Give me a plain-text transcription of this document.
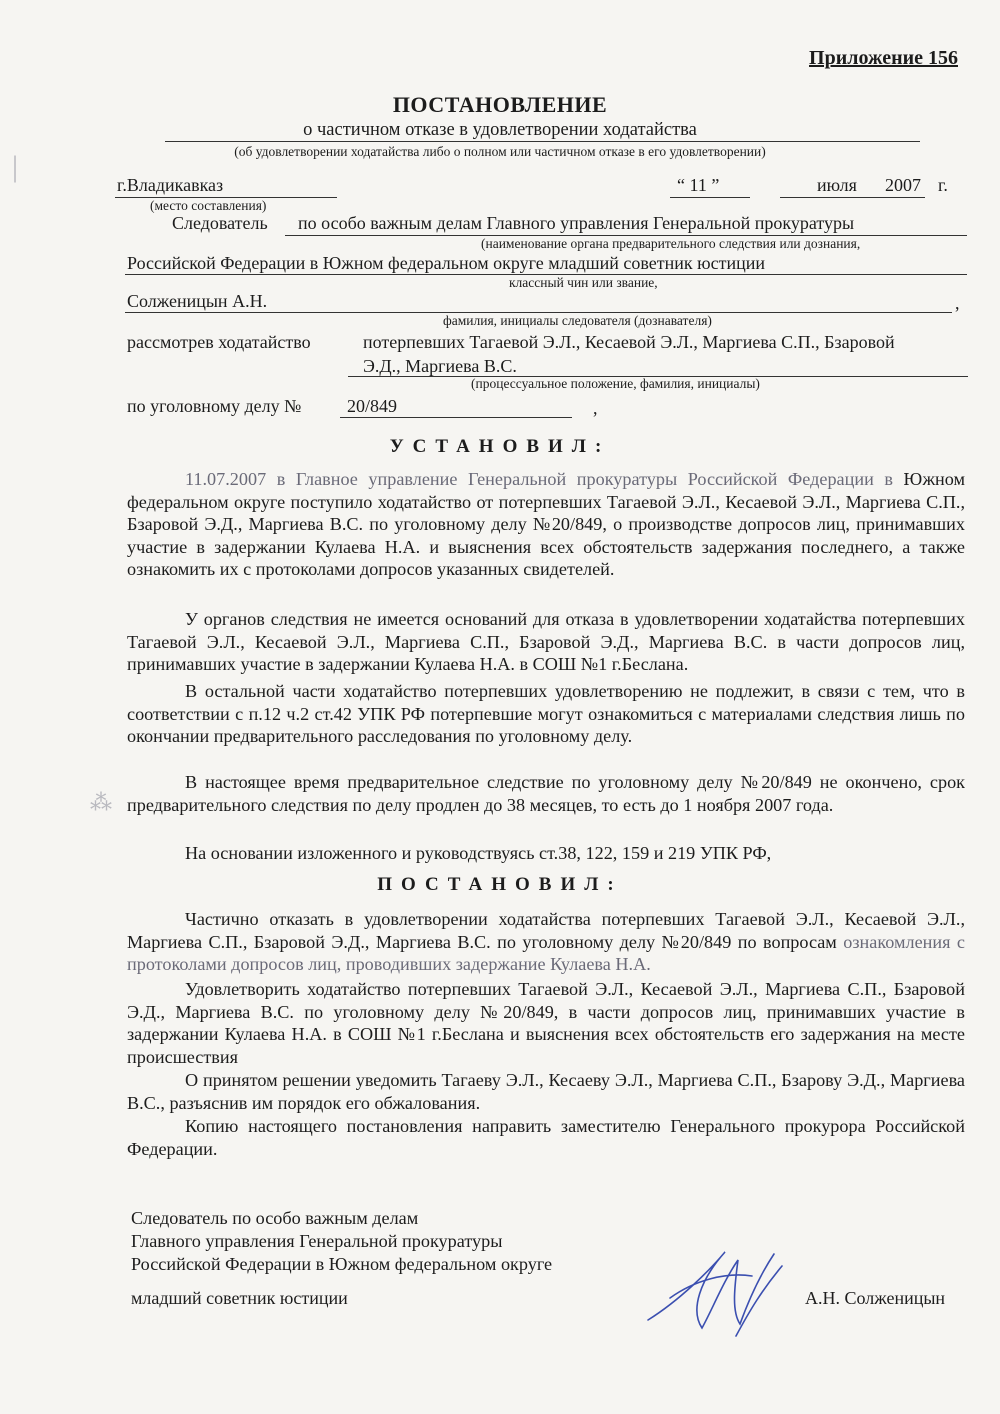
Приложение 156
ПОСТАНОВЛЕНИЕ
о частичном отказе в удовлетворении ходатайства
(об удовлетворении ходатайства либо о полном или частичном отказе в его удовлетворении)
г.Владикавказ
(место составления)
“ 11 ”	июля 2007 г.
Следователь по особо важным делам Главного управления Генеральной прокуратуры
(наименование органа предварительного следствия или дознания,
Российской Федерации в Южном федеральном округе младший советник юстиции
классный чин или звание,
Солженицын А.Н.	,
фамилия, инициалы следователя (дознавателя)
рассмотрев ходатайство	потерпевших Тагаевой Э.Л., Кесаевой Э.Л., Маргиева С.П., Бзаровой
Э.Д., Маргиева В.С.
(процессуальное положение, фамилия, инициалы)
по уголовному делу №	20/849	,
УСТАНОВИЛ:
11.07.2007 в Главное управление Генеральной прокуратуры Российской Федерации в Южном федеральном округе поступило ходатайство от потерпевших Тагаевой Э.Л., Кесаевой Э.Л., Маргиева С.П., Бзаровой Э.Д., Маргиева В.С. по уголовному делу №20/849, о производстве допросов лиц, принимавших участие в задержании Кулаева Н.А. и выяснения всех обстоятельств задержания последнего, а также ознакомить их с протоколами допросов указанных свидетелей.
У органов следствия не имеется оснований для отказа в удовлетворении ходатайства потерпевших Тагаевой Э.Л., Кесаевой Э.Л., Маргиева С.П., Бзаровой Э.Д., Маргиева В.С. в части допросов лиц, принимавших участие в задержании Кулаева Н.А. в СОШ №1 г.Беслана.
В остальной части ходатайство потерпевших удовлетворению не подлежит, в связи с тем, что в соответствии с п.12 ч.2 ст.42 УПК РФ потерпевшие могут ознакомиться с материалами следствия лишь по окончании предварительного расследования по уголовному делу.
В настоящее время предварительное следствие по уголовному делу №20/849 не окончено, срок предварительного следствия по делу продлен до 38 месяцев, то есть до 1 ноября 2007 года.
На основании изложенного и руководствуясь ст.38, 122, 159 и 219 УПК РФ,
ПОСТАНОВИЛ:
Частично отказать в удовлетворении ходатайства потерпевших Тагаевой Э.Л., Кесаевой Э.Л., Маргиева С.П., Бзаровой Э.Д., Маргиева В.С. по уголовному делу №20/849 по вопросам ознакомления с протоколами допросов лиц, проводивших задержание Кулаева Н.А.
Удовлетворить ходатайство потерпевших Тагаевой Э.Л., Кесаевой Э.Л., Маргиева С.П., Бзаровой Э.Д., Маргиева В.С. по уголовному делу №20/849, в части допросов лиц, принимавших участие в задержании Кулаева Н.А. в СОШ №1 г.Беслана и выяснения всех обстоятельств его задержания на месте происшествия
О принятом решении уведомить Тагаеву Э.Л., Кесаеву Э.Л., Маргиева С.П., Бзарову Э.Д., Маргиева В.С., разъяснив им порядок его обжалования.
Копию настоящего постановления направить заместителю Генерального прокурора Российской Федерации.
Следователь по особо важным делам
Главного управления Генеральной прокуратуры
Российской Федерации в Южном федеральном округе
младший советник юстиции	А.Н. Солженицын
|
⁂
